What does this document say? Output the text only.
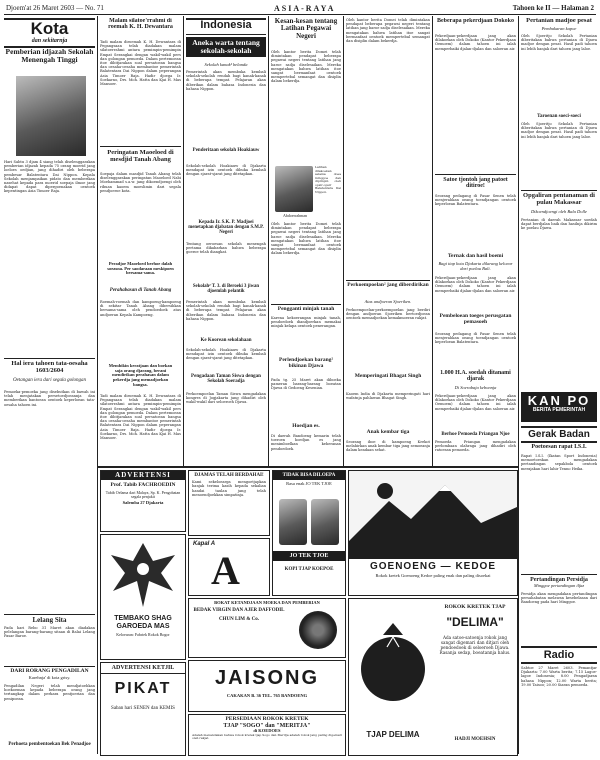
Djoem'at 26 Maret 2603 — No. 71	ASIA-RAYA	Tahoen ke II — Halaman 2
Kota
dan sekitarnja
Pemberian idjazah Sekolah Menengah Tinggi
Hari Sabtu 3 djam 4 siang telah diselenggarakan pemberian idjazah kepada 75 orang moerid jang loeloes oedjian, jang dihadiri oleh beberapa pembesar Balatentara Dai Nippon. Kepala Sekolah menjampaikan pidato dan memberikan nasehat kepada para moerid soepaja ilmoe jang didapat dapat dipergoenakan oentoek kepentingan Asia Timoer Raja.
Hal iera tahoen tata-oesaha 1603/2604
Oetangan iera dari segala golongan
Pemoeka-pemoeka jang disebutkan di bawah ini telah menjatakan persetoedjoeannja dan memberikan bantoean oentoek keperloean tata-oesaha tahoen ini.
Lelang Sita
Pada hari Rebo 31 Maret akan diadakan pelelangan barang-barang sitaan di Balai Lelang Pasar Baroe.
DARI RORANG PENGADILAN
Karehnja' di kota grisy.
Pengadilan Negeri telah mendjatoehkan hoekoeman kepada beberapa orang jang tertangkap dalam perkara pentjoerian dan penipoean.
Perhoeta pembentoekan Bek Penadjoe
Malam silatoe'rrahmi di roemah K. H. Dewantara
Tadi malam diroemah K. H. Dewantara di Pegangsaan telah diadakan malam silatoerrahmi antara pemimpin-pemimpin Empat Serangkai dengan wakil-wakil pers dan golongan pemoeda. Dalam pertemoean itoe dibitjarakan soal persatoean bangsa dan oesaha-oesaha membantoe pemerintah Balatentara Dai Nippon dalam peperangan Asia Timoer Raja. Hadir djoega Ir. Soekarno, Drs. Moh. Hatta dan Kjai H. Mas Mansoer.
Peringatan Maoeloed di mesdjid Tanah Abang
Soepaja dalam masdjid Tanah Abang telah diselenggarakan peringatan Maoeloed Nabi Moehammad s.a.w. jang dikoendjoengi oleh ribuan kaoem moeslimin dari segala pendjoeroe kota.
Peradjoe Maoeloed berhoe dalah soeasna. Per saodaraan meskipoen bersama-sama.
Perahabasan di Tanah Abang
Roemah-roemah dan kampoeng-kampoeng di sekitar Tanah Abang dibersihkan bersama-sama oleh pendoedoek atas andjoeran Kepala Kampoeng.
Membikin keratjaan dan boekan saja orang djarang, berani mendirikan perahasan dalam pekerdja jang memadjoekan bangsa.
Tadi malam diroemah K. H. Dewantara di Pegangsaan telah diadakan malam silatoerrahmi antara pemimpin-pemimpin Empat Serangkai dengan wakil-wakil pers dan golongan pemoeda. Dalam pertemoean itoe dibitjarakan soal persatoean bangsa dan oesaha-oesaha membantoe pemerintah Balatentara Dai Nippon dalam peperangan Asia Timoer Raja. Hadir djoega Ir. Soekarno, Drs. Moh. Hatta dan Kjai H. Mas Mansoer.
Indonesia
Aneka warta tentang sekolah-sekolah
Sekolah kanak² belanda
Pemerintah akan membuka kembali sekolah-sekolah rendah bagi kanak-kanak di beberapa tempat. Pelajaran akan diberikan dalam bahasa Indonesia dan bahasa Nippon.
Penderitaan sekolah Hoakiauw
Sekolah-sekolah Hoakiauw di Djakarta mendapat izin oentoek dibuka kembali dengan sjarat-sjarat jang ditetapkan.
Kepada Ir. S.K. P. Madjoei menetapkan djabatan dengan S.M.P. Negeri
Tentang oeroesan sekolah menengah pertama dikabarkan bahwa beberapa goeroe telah diangkat.
Sekolah² T. 3. di Beroeki 3 jiwan djoemlah pelantik
Pemerintah akan membuka kembali sekolah-sekolah rendah bagi kanak-kanak di beberapa tempat. Pelajaran akan diberikan dalam bahasa Indonesia dan bahasa Nippon.
Ke Koorean sekolahaan
Sekolah-sekolah Hoakiauw di Djakarta mendapat izin oentoek dibuka kembali dengan sjarat-sjarat jang ditetapkan.
Pengadaan Taman Siswa dengan Sekolah Soeradja
Perkoempoelan Taman Siswa mengadakan kongres di Jogjakarta jang dihadiri oleh wakil-wakil dari seloeroeh Djawa.
Kesan-kesan tentang Latihan Pegawai Negeri
Oleh kantor berita Domei telah dimintakan pendapat beberapa pegawai negeri tentang latihan jang baroe sadja diselesaikan. Mereka mengatakan bahwa latihan itoe sangat bermanfaat oentoek mempertebal semangat dan disiplin dalam bekerdja.
Latihan dilakoekan selama doea minggoe dan dipimpin oleh opsir-opsir Balatentara Dai Nippon.
Abdoerrahman
Oleh kantor berita Domei telah dimintakan pendapat beberapa pegawai negeri tentang latihan jang baroe sadja diselesaikan. Mereka mengatakan bahwa latihan itoe sangat bermanfaat oentoek mempertebal semangat dan disiplin dalam bekerdja.
Pengganti minjak tanah
Karena kekoerangan minjak tanah, pendoedoek diandjoerkan memakai minjak kelapa oentoek penerangan.
Perlendjoekan barang² bikinan Djawa
Pada tg. 25 Maret akan diboeka pameran barang-barang boeatan Djawa di Gedoeng Kesenian.
Hoedjan es.
Di daerah Bandoeng kemarin telah toeroen hoedjan es jang menimboelkan keheranan pendoedoek.
Oleh kantor berita Domei telah dimintakan pendapat beberapa pegawai negeri tentang latihan jang baroe sadja diselesaikan. Mereka mengatakan bahwa latihan itoe sangat bermanfaat oentoek mempertebal semangat dan disiplin dalam bekerdja.
Perkoempoelan² jang diberdirikan
Atas andjoeran Sjoeriken.
Perkoempoelan-perkoempoelan jang berdiri dengan andjoeran Sjoeriken bertoedjoean oentoek memadjoekan kemakmoeran rakjat.
Memperingati Bhagat Singh
Kaoem India di Djakarta memperingati hari wafatnja pahlawan Bhagat Singh.
Anak kembar tiga
Seorang iboe di kampoeng Krekot melahirkan anak kembar tiga jang semoeanja dalam keadaan sehat.
Beberapa pekerdjaan Dokoko
Pekerdjaan-pekerdjaan jang akan dilakoekan oleh Dokoko (Kantor Pekerdjaan Oemoem) dalam tahoen ini ialah memperbaiki djalan-djalan dan saloeran air.
Satoe tjontoh jang patoet ditiroe!
Seorang pedagang di Pasar Senen telah menjerahkan oeang toendjangan oentoek keperloean Balatentara.
Ternak dan hasil boemi
Bagi tiap kota Djakarta dilarang keloear dari poelau Bali.
Pekerdjaan-pekerdjaan jang akan dilakoekan oleh Dokoko (Kantor Pekerdjaan Oemoem) dalam tahoen ini ialah memperbaiki djalan-djalan dan saloeran air.
Pembeloean toeges perusgatan pemasoeh
Seorang pedagang di Pasar Senen telah menjerahkan oeang toendjangan oentoek keperloean Balatentara.
1.000 H.A. soedah ditanami djarak
Di Soerabaja kebonnja
Pekerdjaan-pekerdjaan jang akan dilakoekan oleh Dokoko (Kantor Pekerdjaan Oemoem) dalam tahoen ini ialah memperbaiki djalan-djalan dan saloeran air.
Berhoe Pemoeda Priangan Njoe
Pemoeda Priangan mengadakan perlombaan olahraga jang dihadiri oleh ratoesan pemoeda.
Pertanian madjoe pesat
Pembakaran kapoe
Oleh Sjoeritjo Sekolah Pertanian diberitakan bahwa pertanian di Djawa madjoe dengan pesat. Hasil padi tahoen ini lebih banjak dari tahoen jang laloe.
Taroenan soeci-soeci
Oleh Sjoeritjo Sekolah Pertanian diberitakan bahwa pertanian di Djawa madjoe dengan pesat. Hasil padi tahoen ini lebih banjak dari tahoen jang laloe.
Opgaliran pentanaman di pulau Makassar
Dikoendjoengi oleh Bala Dolle
Pertanian di daerah Makassar soedah dapat berdjalan baik dan hasilnja dikirim ke poelau Djawa.
KAN PO
BERITA PEMERINTAH
Gerak Badan
Poetoesan rapat I.S.I.
Rapat I.S.I. (Ikatan Sport Indonesia) memoetoeskan mengadakan pertandingan sepakbola oentoek merajakan hari lahir Tenno Heika.
Pertandingan Persidja
Minggoe pertandingan ilfaz
Persidja akan mengadakan pertandingan persahabatan melawan kesebelasan dari Bandoeng pada hari Minggoe.
Radio
Sabtoe 27 Maret 2603. Pemantjar Djakarta: 7.00 Warta berita; 7.15 Lagoe-lagoe Indonesia; 8.00 Pengadjaran bahasa Nippon; 12.00 Warta berita; 19.00 Taisoo; 20.00 Siaran pemoeda.
ADVERTENSI
Prof. Tabib FACHROEDIN
Tabib Oelama dari Malaya, Sp. K. Pengobatan segala penjakit
Salemba 27 Djakarta
TEMBAKO SHAG GAROEDA MAS
Keloearan: Fabriek Rokok Bogor
ADVERTENSI KETJIL
PIKAT
Saban hari SENEN dan KEMIS
DJAMAS TELAH BERDAHAI!
Kami sekeloearga mengoetjapkan banjak terima kasih kepada sekalian handai taulan jang telah menoendjoekkan simpatinja.
Kapal A
A
TIDAK BISA DILOEPA
Rasa enak JO TEK TJOE
JO TEK TJOE
KOPI TJAP KOEPOE
BOKAT KETANDJAAN MOEKA DAN PEMBERIAN
BEDAK VIRGIN DAN AJER DAFFODIL
CHUN LIM & Co.
JAISONG
CAKAKAN B. 36 TEL. 765 BANDOENG
PERSEDIAAN ROKOK KRETEK
TJAP "SOGO" dan "MERITJA"
di KOEDOES
Adalah menandakan bahwa rokok kretek tjap Sogo dan Meritja adalah rokok jang paling digemari oleh rakjat.
GOENOENG — KEDOE
Rokok kretek Goenoeng Kedoe paling enak dan paling disoekai
TJAP DELIMA
ROKOK KRETEK TJAP
"DELIMA"
Ada satoe-satoenja rokok jang sangat digemari dan ditjari oleh pendoedoek di seloeroeh Djawa. Rasanja sedap, boeatannja halus.
HADJI MOEHSIN
